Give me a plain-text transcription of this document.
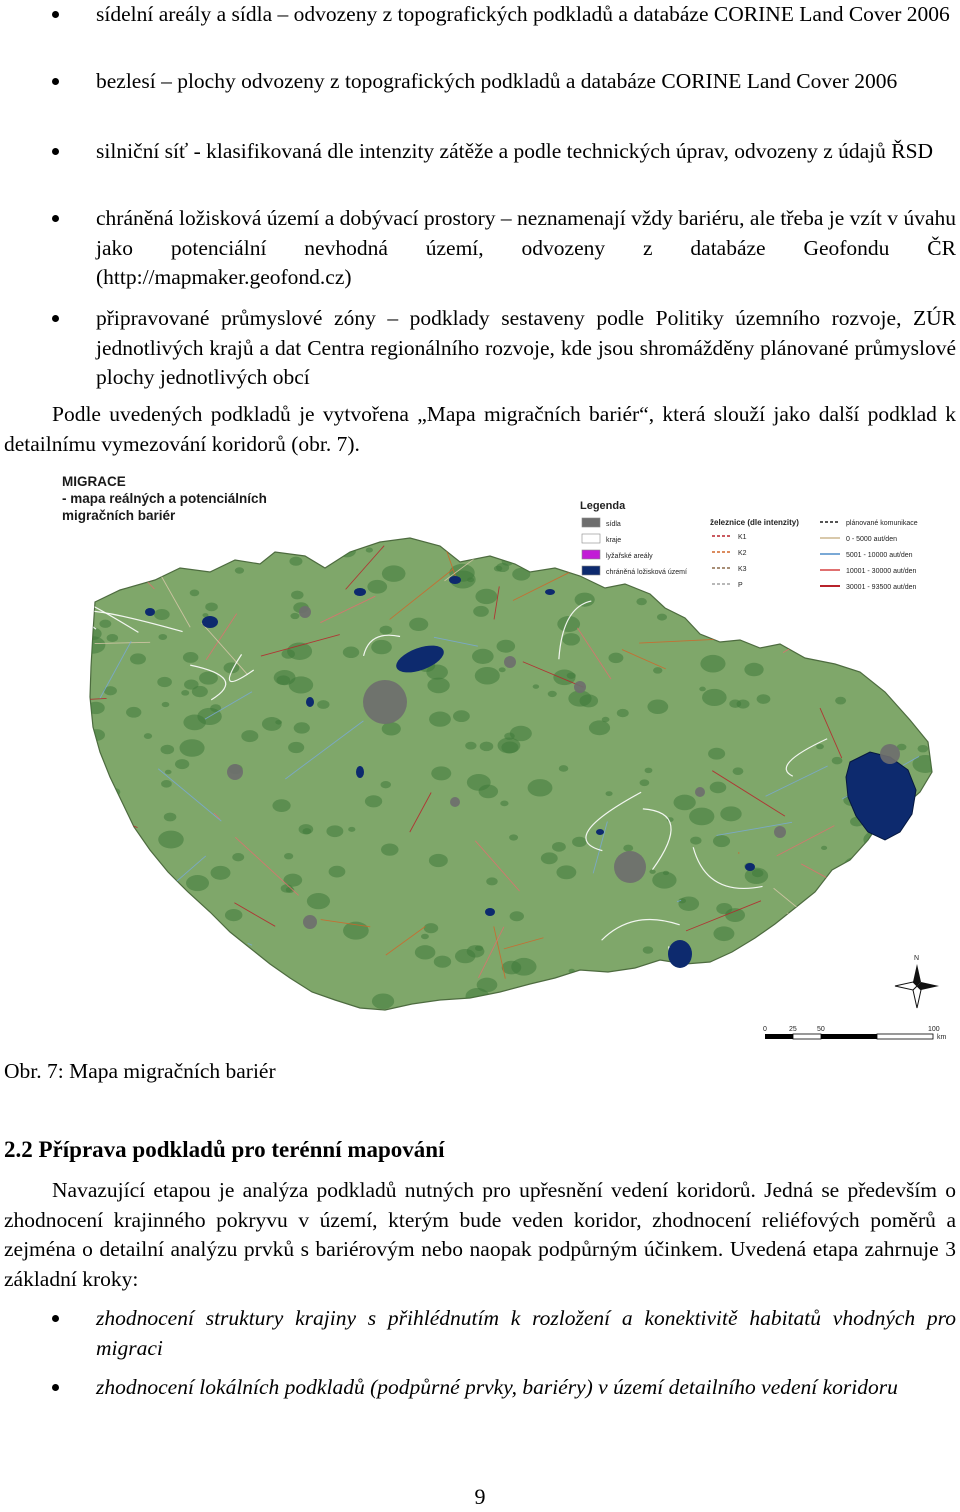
sídelní areály a sídla – odvozeny z topografických podkladů a databáze CORINE Land Cover 2006
bezlesí – plochy odvozeny z topografických podkladů a databáze CORINE Land Cover 2006
silniční síť - klasifikovaná dle intenzity zátěže a podle technických úprav, odvozeny z údajů ŘSD
chráněná ložisková území a dobývací prostory – neznamenají vždy bariéru, ale třeba je vzít v úvahu jako potenciální nevhodná území, odvozeny z databáze Geofondu ČR (http://mapmaker.geofond.cz)
připravované průmyslové zóny – podklady sestaveny podle Politiky územního rozvoje, ZÚR jednotlivých krajů a dat Centra regionálního rozvoje, kde jsou shromážděny plánované průmyslové plochy jednotlivých obcí

Podle uvedených podkladů je vytvořena „Mapa migračních bariér“, která slouží jako další podklad k detailnímu vymezování koridorů (obr. 7).

MIGRACE
- mapa reálných a potenciálních
migračních bariér
Legenda
sídla
kraje
lyžařské areály
chráněná ložisková území
železnice (dle intenzity)
K1
K2
K3
P
plánované komunikace
0 - 5000 aut/den
5001 - 10000 aut/den
10001 - 30000 aut/den
30001 - 93500 aut/den
N
0	25	50	100
km
Obr. 7: Mapa migračních bariér
2.2 Příprava podkladů pro terénní mapování

Navazující etapou je analýza podkladů nutných pro upřesnění vedení koridorů. Jedná se především o zhodnocení krajinného pokryvu v území, kterým bude veden koridor, zhodnocení reliéfových poměrů a zejména o detailní analýzu prvků s bariérovým nebo naopak podpůrným účinkem. Uvedená etapa zahrnuje 3 základní kroky:

zhodnocení struktury krajiny s přihlédnutím k rozložení a konektivitě habitatů vhodných pro migraci
zhodnocení lokálních podkladů (podpůrné prvky, bariéry) v území detailního vedení koridoru
9
